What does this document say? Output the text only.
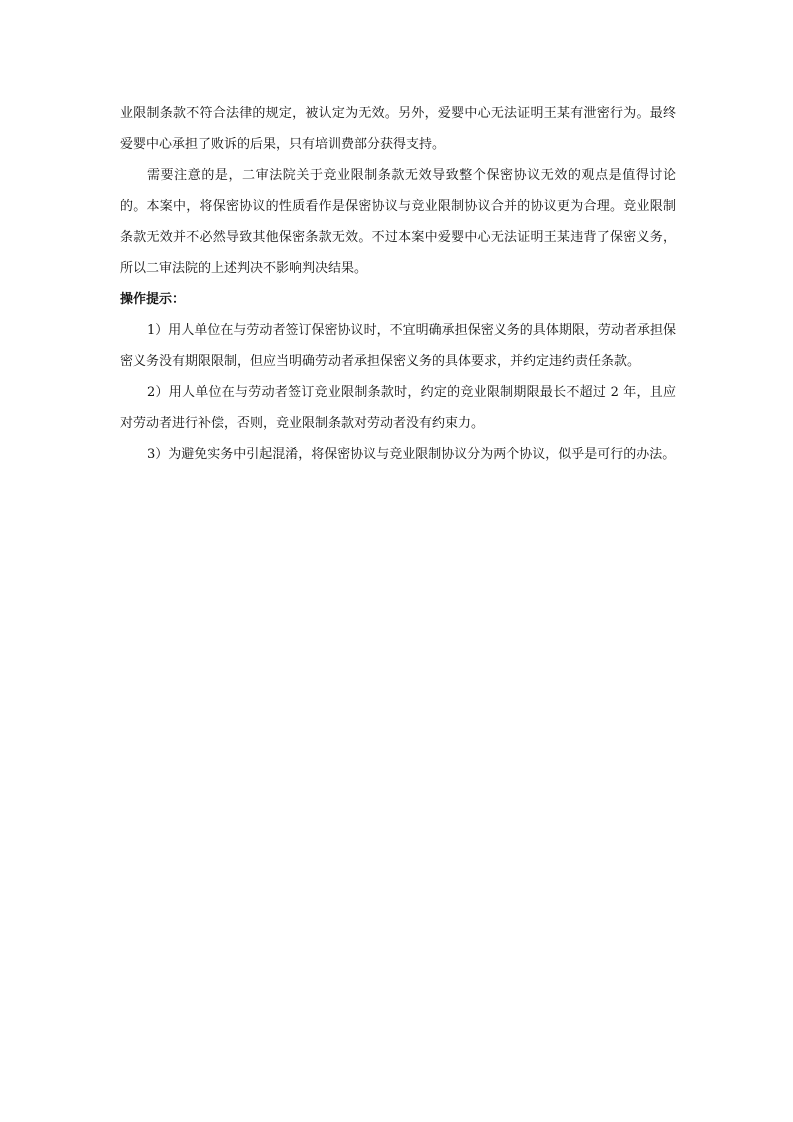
业限制条款不符合法律的规定，被认定为无效。另外，爱婴中心无法证明王某有泄密行为。最终爱婴中心承担了败诉的后果，只有培训费部分获得支持。

需要注意的是，二审法院关于竞业限制条款无效导致整个保密协议无效的观点是值得讨论的。本案中，将保密协议的性质看作是保密协议与竞业限制协议合并的协议更为合理。竞业限制条款无效并不必然导致其他保密条款无效。不过本案中爱婴中心无法证明王某违背了保密义务，所以二审法院的上述判决不影响判决结果。

操作提示：

1）用人单位在与劳动者签订保密协议时，不宜明确承担保密义务的具体期限，劳动者承担保密义务没有期限限制，但应当明确劳动者承担保密义务的具体要求，并约定违约责任条款。

2）用人单位在与劳动者签订竞业限制条款时，约定的竞业限制期限最长不超过 2 年，且应对劳动者进行补偿，否则，竞业限制条款对劳动者没有约束力。

3）为避免实务中引起混淆，将保密协议与竞业限制协议分为两个协议，似乎是可行的办法。
